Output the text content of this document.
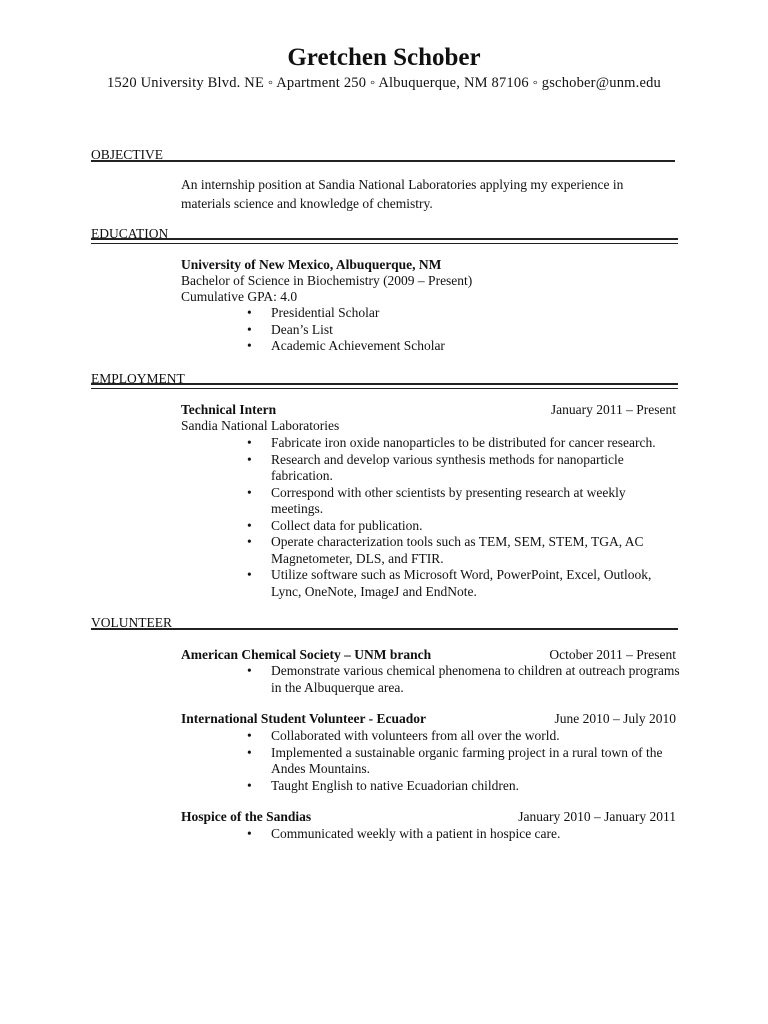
Gretchen Schober
1520 University Blvd. NE ◦ Apartment 250 ◦ Albuquerque, NM 87106 ◦ gschober@unm.edu
OBJECTIVE
An internship position at Sandia National Laboratories applying my experience in
materials science and knowledge of chemistry.
EDUCATION
University of New Mexico, Albuquerque, NM
Bachelor of Science in Biochemistry (2009 – Present)
Cumulative GPA: 4.0
• Presidential Scholar
• Dean’s List
• Academic Achievement Scholar
EMPLOYMENT
Technical Intern	January 2011 – Present
Sandia National Laboratories
• Fabricate iron oxide nanoparticles to be distributed for cancer research.
• Research and develop various synthesis methods for nanoparticle fabrication.
• Correspond with other scientists by presenting research at weekly meetings.
• Collect data for publication.
• Operate characterization tools such as TEM, SEM, STEM, TGA, AC Magnetometer, DLS, and FTIR.
• Utilize software such as Microsoft Word, PowerPoint, Excel, Outlook, Lync, OneNote, ImageJ and EndNote.
VOLUNTEER
American Chemical Society – UNM branch	October 2011 – Present
• Demonstrate various chemical phenomena to children at outreach programs in the Albuquerque area.
International Student Volunteer - Ecuador	June 2010 – July 2010
• Collaborated with volunteers from all over the world.
• Implemented a sustainable organic farming project in a rural town of the Andes Mountains.
• Taught English to native Ecuadorian children.
Hospice of the Sandias	January 2010 – January 2011
• Communicated weekly with a patient in hospice care.
